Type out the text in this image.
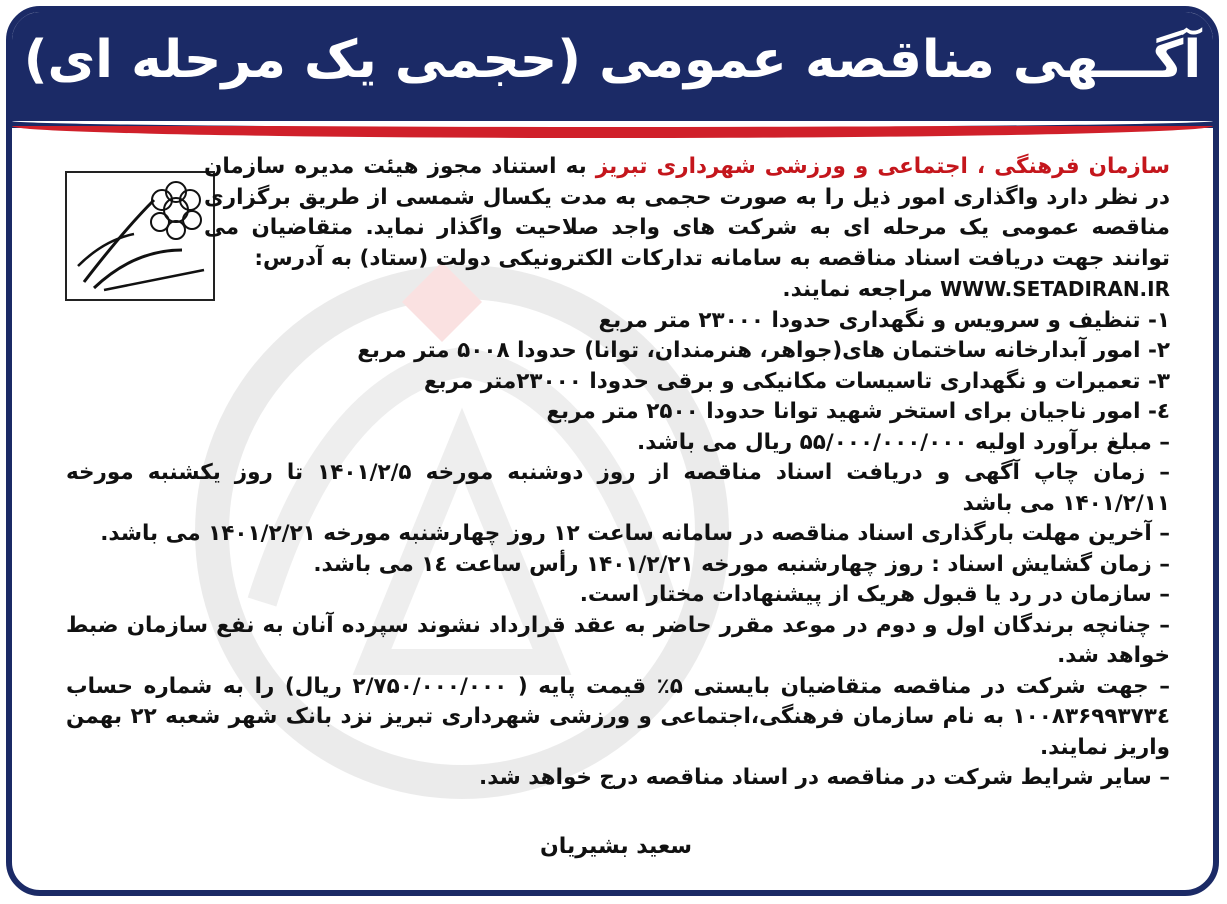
آگـــهی مناقصه عمومی (حجمی یک مرحله ای)

سازمان فرهنگی ، اجتماعی و ورزشی شهرداری تبریز به استناد مجوز هیئت مدیره سازمان در نظر دارد واگذاری امور ذیل را به صورت حجمی به مدت یکسال شمسی از طریق برگزاری مناقصه عمومی یک مرحله ای به شرکت های واجد صلاحیت واگذار نماید. متقاضیان می توانند جهت دریافت اسناد مناقصه به سامانه تدارکات الکترونیکی دولت (ستاد) به آدرس:
WWW.SETADIRAN.IR مراجعه نمایند.

۱- تنظیف و سرویس و نگهداری حدودا ۲۳۰۰۰ متر مربع

۲- امور آبدارخانه ساختمان های(جواهر، هنرمندان، توانا) حدودا ۵۰۰۸ متر مربع

۳- تعمیرات و نگهداری تاسیسات مکانیکی و برقی حدودا ۲۳۰۰۰متر مربع

٤- امور ناجیان برای استخر شهید توانا حدودا ۲۵۰۰ متر مربع

– مبلغ برآورد اولیه ۵۵/۰۰۰/۰۰۰/۰۰۰ ریال می باشد.

– زمان چاپ آگهی و دریافت اسناد مناقصه از روز دوشنبه مورخه ۱۴۰۱/۲/۵ تا روز یکشنبه مورخه ۱۴۰۱/۲/۱۱ می باشد

– آخرین مهلت بارگذاری اسناد مناقصه در سامانه ساعت ۱۲ روز چهارشنبه مورخه ۱۴۰۱/۲/۲۱ می باشد.

– زمان گشایش اسناد : روز چهارشنبه مورخه ۱۴۰۱/۲/۲۱ رأس ساعت ١٤ می باشد.

– سازمان در رد یا قبول هریک از پیشنهادات مختار است.

– چنانچه برندگان اول و دوم در موعد مقرر حاضر به عقد قرارداد نشوند سپرده آنان به نفع سازمان ضبط خواهد شد.

– جهت شرکت در مناقصه متقاضیان بایستی ۵٪ قیمت پایه ( ۲/۷۵۰/۰۰۰/۰۰۰ ریال) را به شماره حساب ۱۰۰۸۳۶۹۹۳۷۳٤ به نام سازمان فرهنگی،اجتماعی و ورزشی شهرداری تبریز نزد بانک شهر شعبه ۲۲ بهمن واریز نمایند.

– سایر شرایط شرکت در مناقصه در اسناد مناقصه درج خواهد شد.

سعید بشیریان
